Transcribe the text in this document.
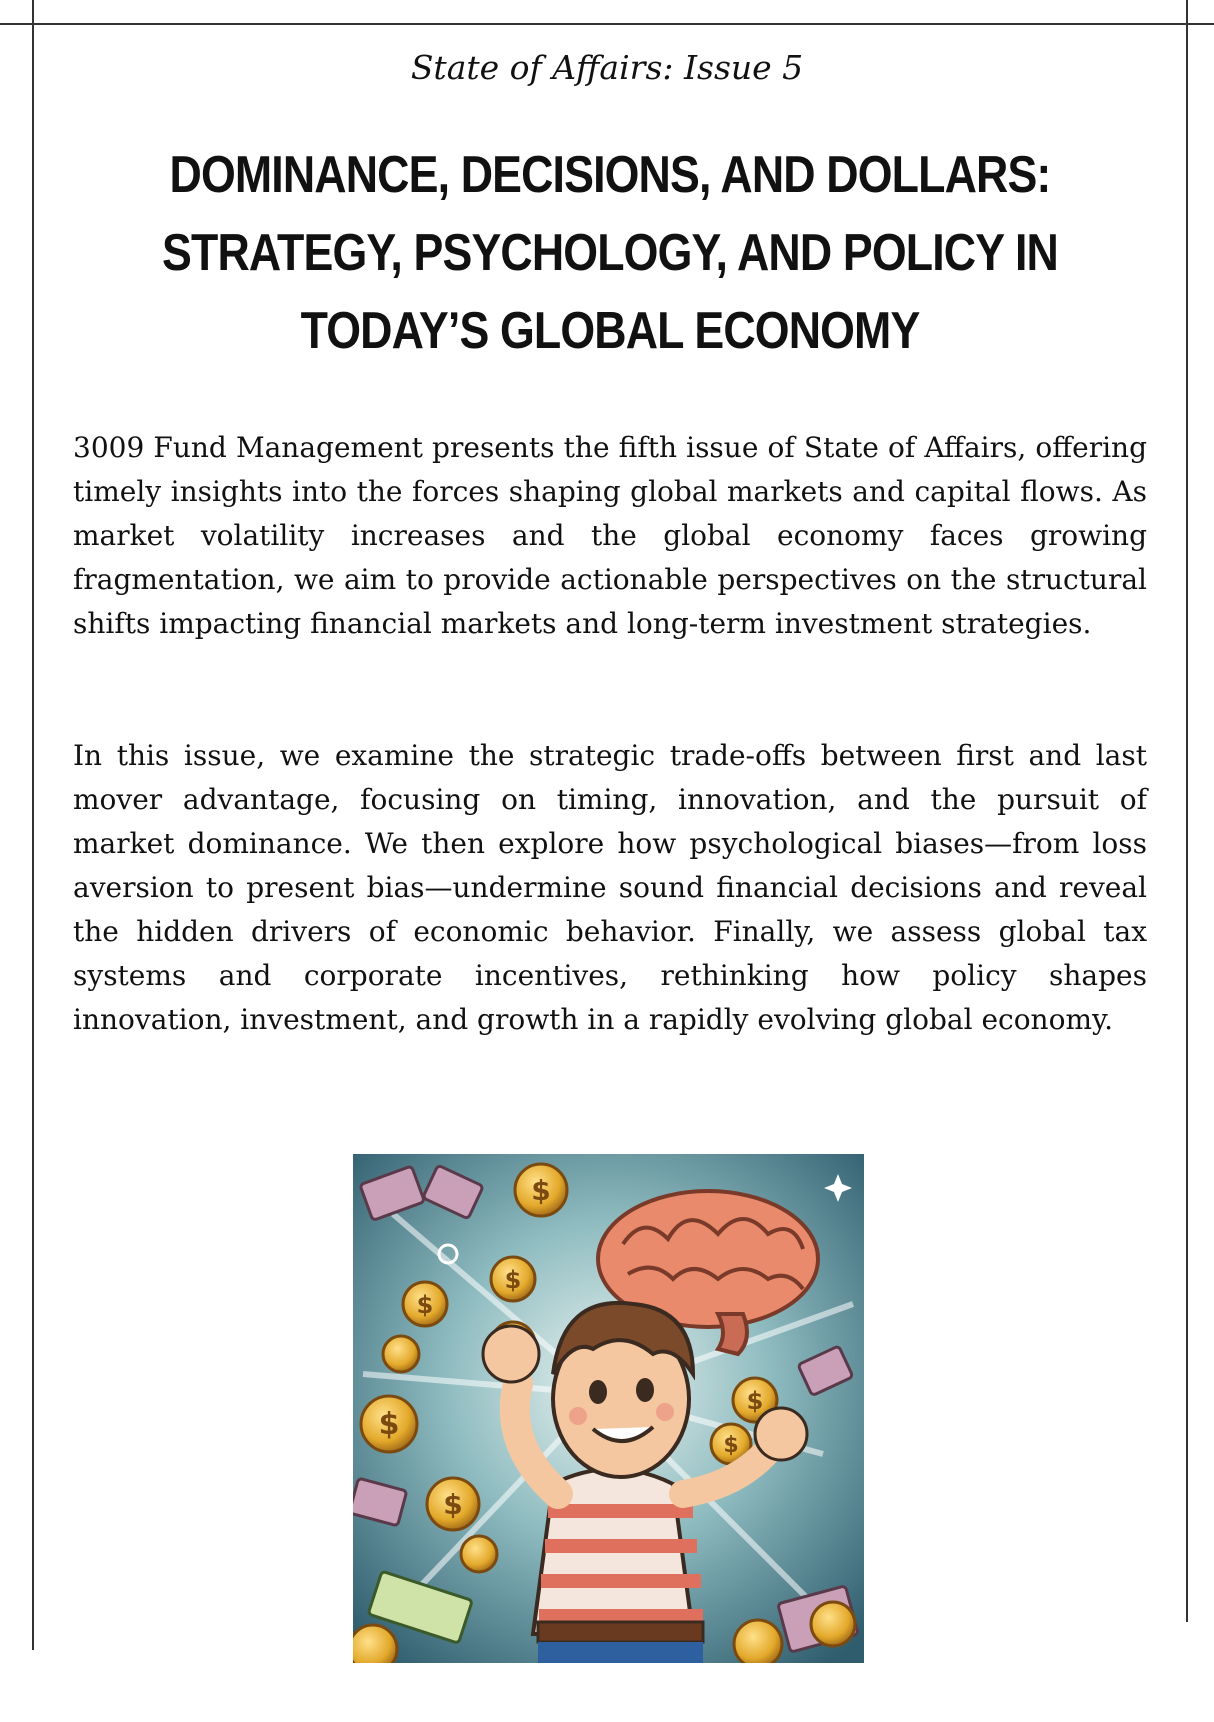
State of Affairs: Issue 5
DOMINANCE, DECISIONS, AND DOLLARS: STRATEGY, PSYCHOLOGY, AND POLICY IN TODAY’S GLOBAL ECONOMY

3009 Fund Management presents the fifth issue of State of Affairs, offering timely insights into the forces shaping global markets and capital flows. As market volatility increases and the global economy faces growing fragmentation, we aim to provide actionable perspectives on the structural shifts impacting financial markets and long-term investment strategies.

In this issue, we examine the strategic trade-offs between first and last mover advantage, focusing on timing, innovation, and the pursuit of market dominance. We then explore how psychological biases—from loss aversion to present bias—undermine sound financial decisions and reveal the hidden drivers of economic behavior. Finally, we assess global tax systems and corporate incentives, rethinking how policy shapes innovation, investment, and growth in a rapidly evolving global economy.

$
$
$
$
$
$
$
